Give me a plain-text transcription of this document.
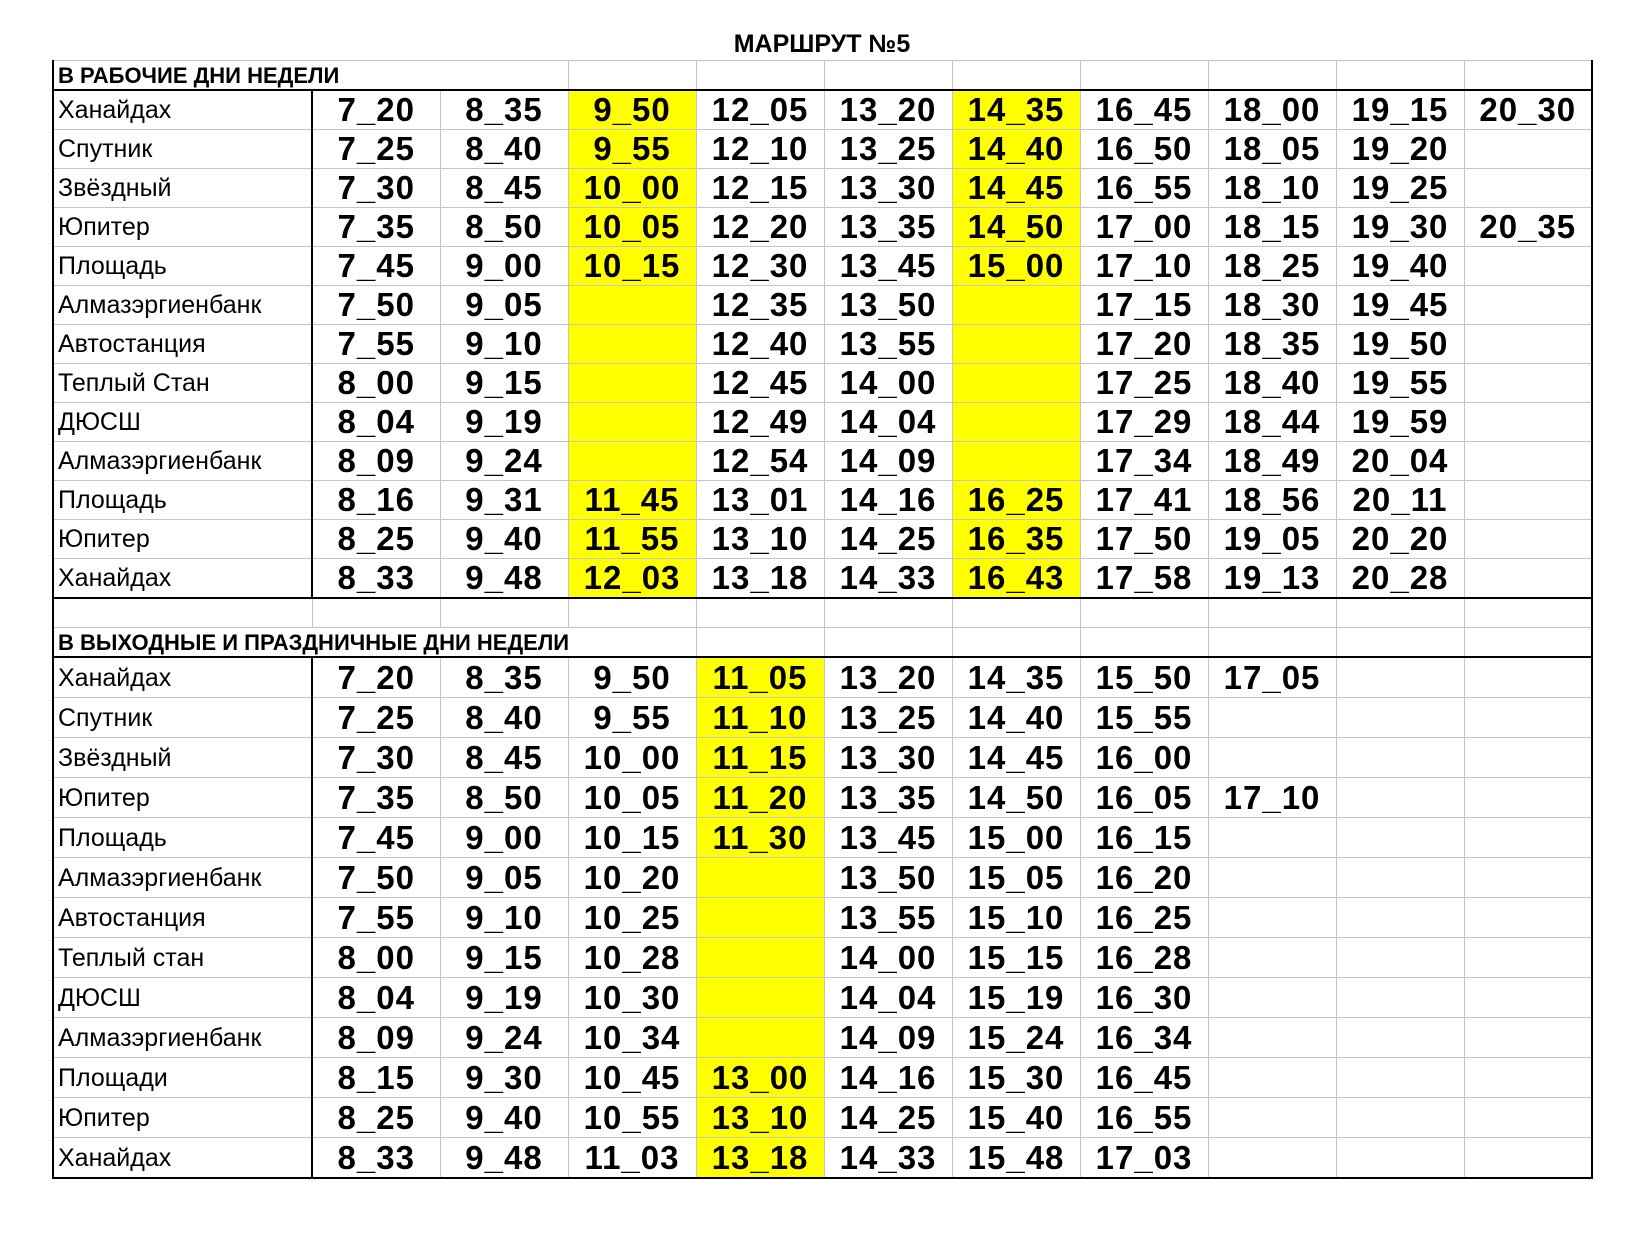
МАРШРУТ №5
В РАБОЧИЕ ДНИ НЕДЕЛИ										
Ханайдах	7_20	8_35	9_50	12_05	13_20	14_35	16_45	18_00	19_15	20_30
Спутник	7_25	8_40	9_55	12_10	13_25	14_40	16_50	18_05	19_20	
Звёздный	7_30	8_45	10_00	12_15	13_30	14_45	16_55	18_10	19_25	
Юпитер	7_35	8_50	10_05	12_20	13_35	14_50	17_00	18_15	19_30	20_35
Площадь	7_45	9_00	10_15	12_30	13_45	15_00	17_10	18_25	19_40	
Алмазэргиенбанк	7_50	9_05		12_35	13_50		17_15	18_30	19_45	
Автостанция	7_55	9_10		12_40	13_55		17_20	18_35	19_50	
Теплый Стан	8_00	9_15		12_45	14_00		17_25	18_40	19_55	
ДЮСШ	8_04	9_19		12_49	14_04		17_29	18_44	19_59	
Алмазэргиенбанк	8_09	9_24		12_54	14_09		17_34	18_49	20_04	
Площадь	8_16	9_31	11_45	13_01	14_16	16_25	17_41	18_56	20_11	
Юпитер	8_25	9_40	11_55	13_10	14_25	16_35	17_50	19_05	20_20	
Ханайдах	8_33	9_48	12_03	13_18	14_33	16_43	17_58	19_13	20_28	

В ВЫХОДНЫЕ И ПРАЗДНИЧНЫЕ ДНИ НЕДЕЛИ										
Ханайдах	7_20	8_35	9_50	11_05	13_20	14_35	15_50	17_05		
Спутник	7_25	8_40	9_55	11_10	13_25	14_40	15_55			
Звёздный	7_30	8_45	10_00	11_15	13_30	14_45	16_00			
Юпитер	7_35	8_50	10_05	11_20	13_35	14_50	16_05	17_10		
Площадь	7_45	9_00	10_15	11_30	13_45	15_00	16_15			
Алмазэргиенбанк	7_50	9_05	10_20		13_50	15_05	16_20			
Автостанция	7_55	9_10	10_25		13_55	15_10	16_25			
Теплый стан	8_00	9_15	10_28		14_00	15_15	16_28			
ДЮСШ	8_04	9_19	10_30		14_04	15_19	16_30			
Алмазэргиенбанк	8_09	9_24	10_34		14_09	15_24	16_34			
Площади	8_15	9_30	10_45	13_00	14_16	15_30	16_45			
Юпитер	8_25	9_40	10_55	13_10	14_25	15_40	16_55			
Ханайдах	8_33	9_48	11_03	13_18	14_33	15_48	17_03			
